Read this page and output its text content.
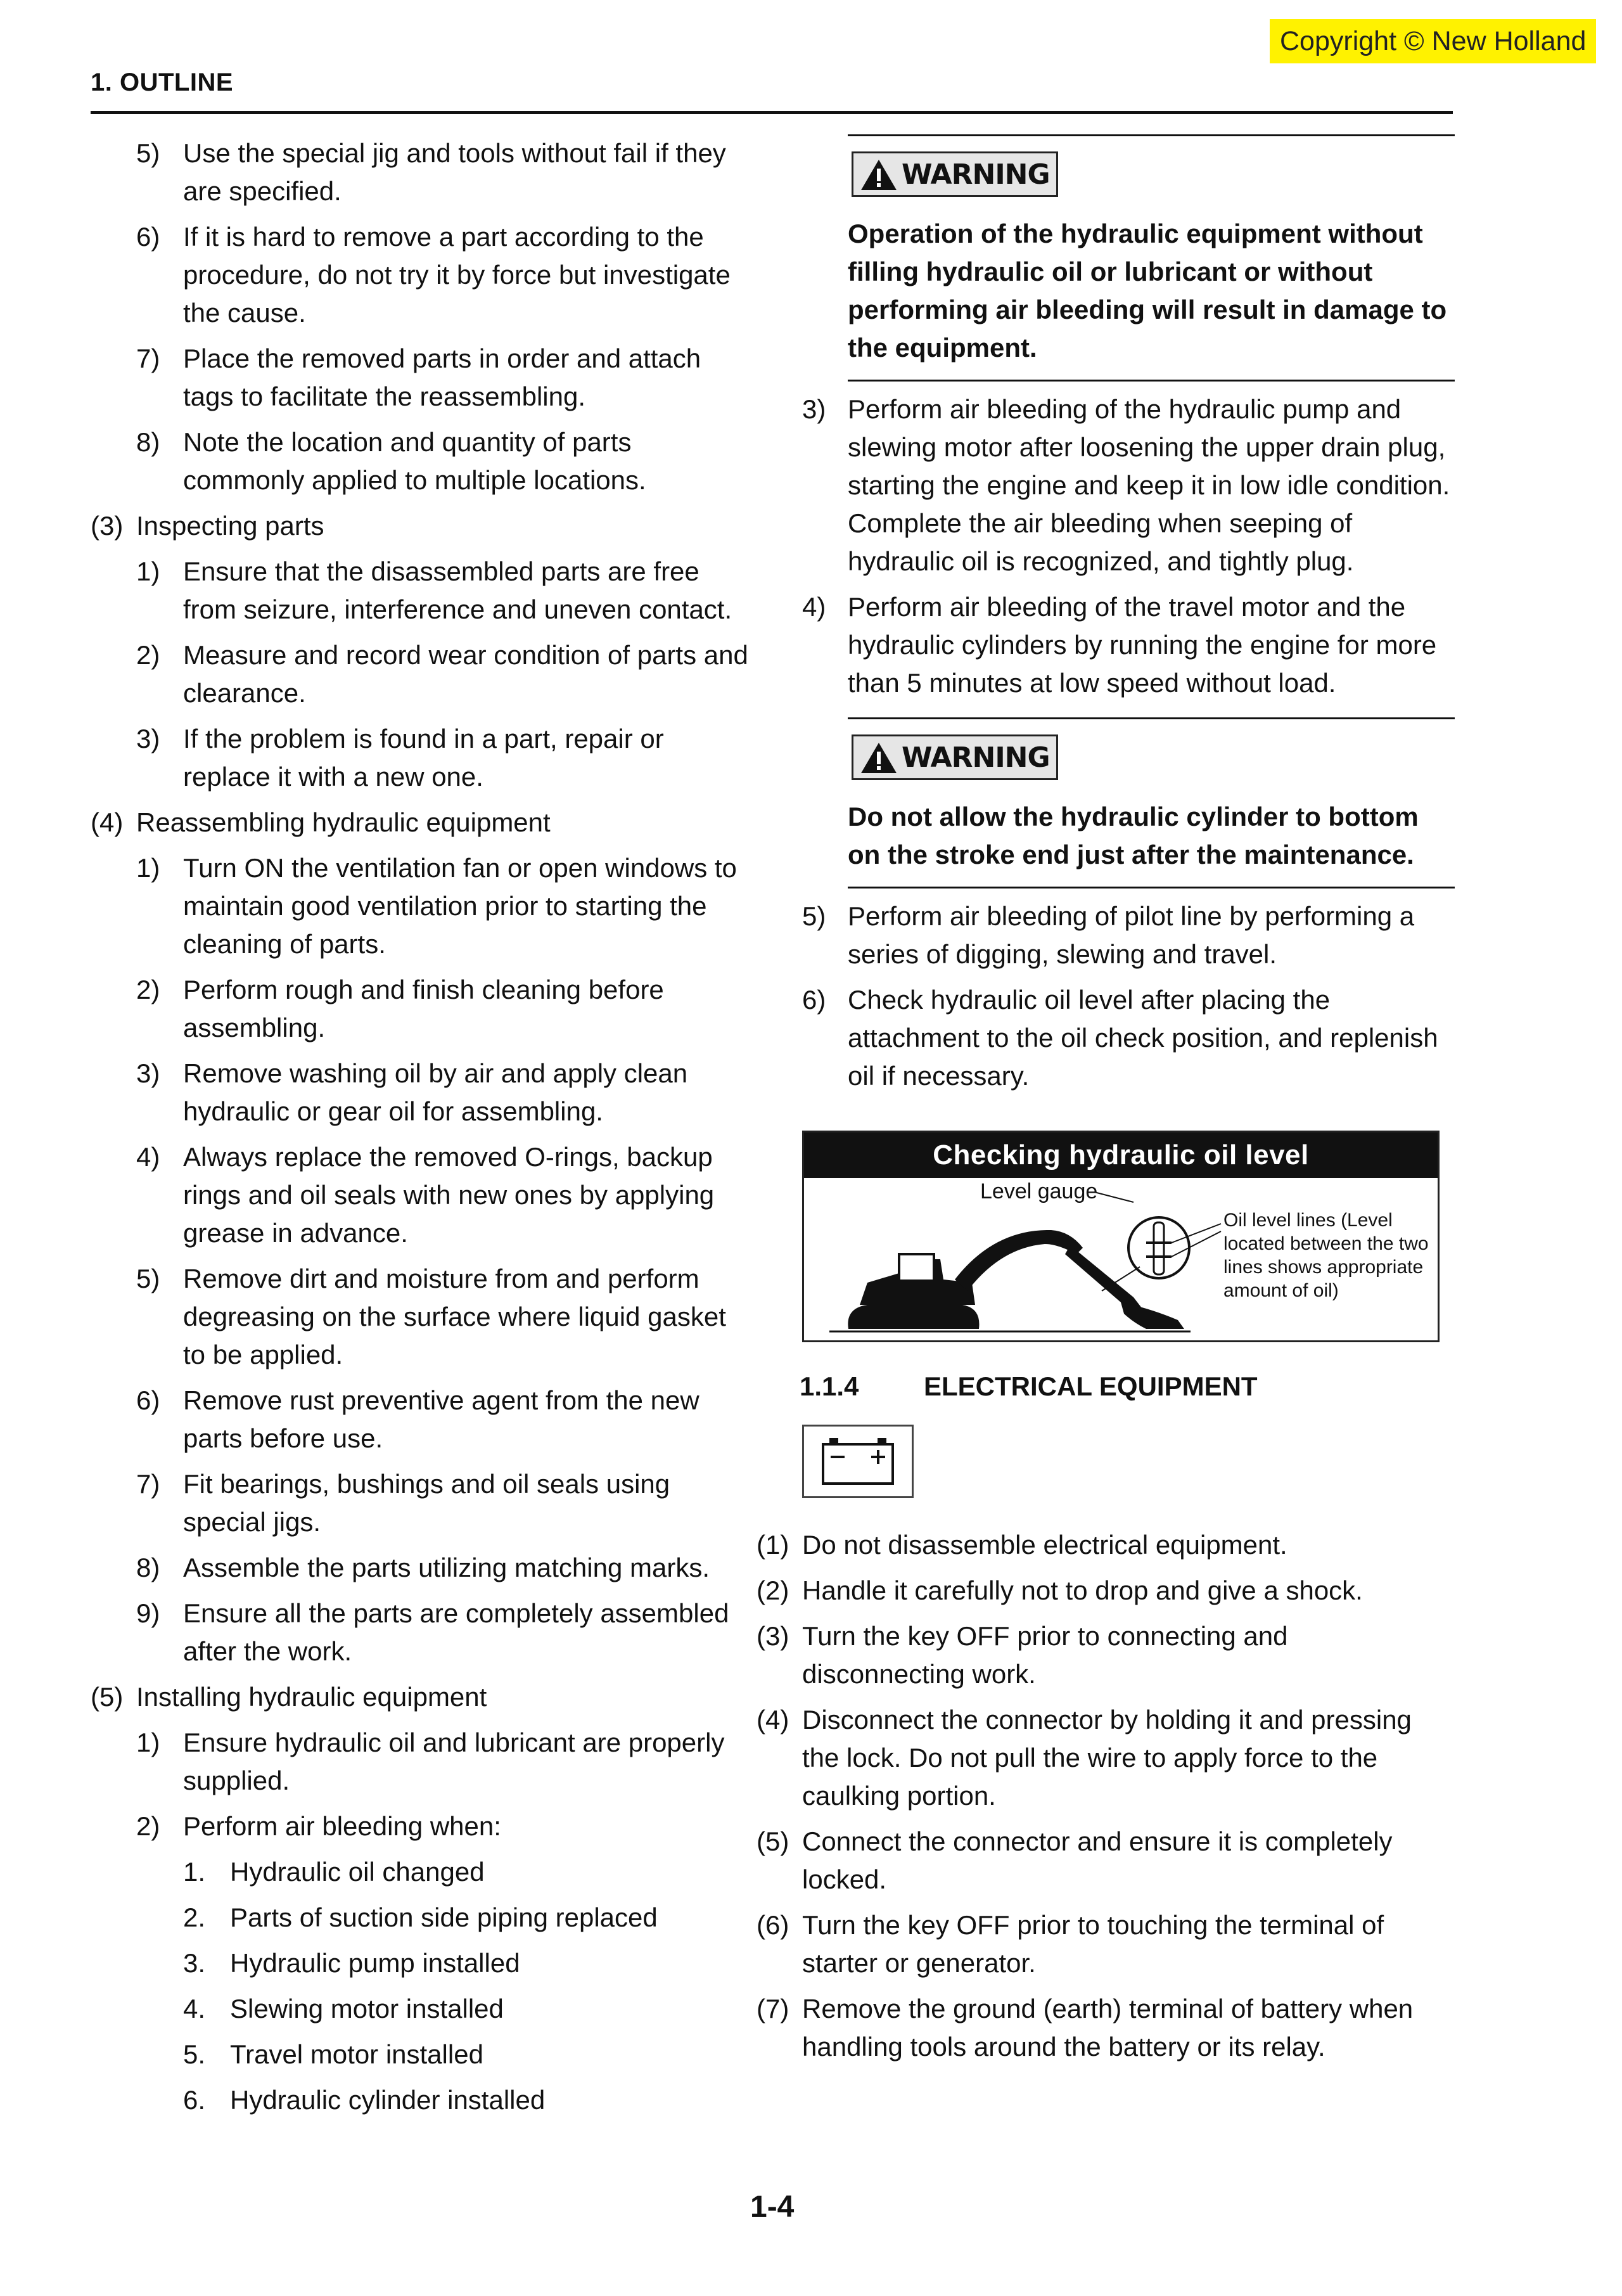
Copyright © New Holland
1. OUTLINE
5) Use the special jig and tools without fail if they are specified.
6) If it is hard to remove a part according to the procedure, do not try it by force but investigate the cause.
7) Place the removed parts in order and attach tags to facilitate the reassembling.
8) Note the location and quantity of parts commonly applied to multiple locations.
(3) Inspecting parts
1) Ensure that the disassembled parts are free from seizure, interference and uneven contact.
2) Measure and record wear condition of parts and clearance.
3) If the problem is found in a part, repair or replace it with a new one.
(4) Reassembling hydraulic equipment
1) Turn ON the ventilation fan or open windows to maintain good ventilation prior to starting the cleaning of parts.
2) Perform rough and finish cleaning before assembling.
3) Remove washing oil by air and apply clean hydraulic or gear oil for assembling.
4) Always replace the removed O-rings, backup rings and oil seals with new ones by applying grease in advance.
5) Remove dirt and moisture from and perform degreasing on the surface where liquid gasket to be applied.
6) Remove rust preventive agent from the new parts before use.
7) Fit bearings, bushings and oil seals using special jigs.
8) Assemble the parts utilizing matching marks.
9) Ensure all the parts are completely assembled after the work.
(5) Installing hydraulic equipment
1) Ensure hydraulic oil and lubricant are properly supplied.
2) Perform air bleeding when:
1. Hydraulic oil changed
2. Parts of suction side piping replaced
3. Hydraulic pump installed
4. Slewing motor installed
5. Travel motor installed
6. Hydraulic cylinder installed
WARNING
Operation of the hydraulic equipment without filling hydraulic oil or lubricant or without performing air bleeding will result in damage to the equipment.
3) Perform air bleeding of the hydraulic pump and slewing motor after loosening the upper drain plug, starting the engine and keep it in low idle condition.
Complete the air bleeding when seeping of hydraulic oil is recognized, and tightly plug.
4) Perform air bleeding of the travel motor and the hydraulic cylinders by running the engine for more than 5 minutes at low speed without load.
WARNING
Do not allow the hydraulic cylinder to bottom on the stroke end just after the maintenance.
5) Perform air bleeding of pilot line by performing a series of digging, slewing and travel.
6) Check hydraulic oil level after placing the attachment to the oil check position, and replenish oil if necessary.
Checking hydraulic oil level
Level gauge
Oil level lines (Level located between the two lines shows appropriate amount of oil)
1.1.4 ELECTRICAL EQUIPMENT
(1) Do not disassemble electrical equipment.
(2) Handle it carefully not to drop and give a shock.
(3) Turn the key OFF prior to connecting and disconnecting work.
(4) Disconnect the connector by holding it and pressing the lock. Do not pull the wire to apply force to the caulking portion.
(5) Connect the connector and ensure it is completely locked.
(6) Turn the key OFF prior to touching the terminal of starter or generator.
(7) Remove the ground (earth) terminal of battery when handling tools around the battery or its relay.
1-4
